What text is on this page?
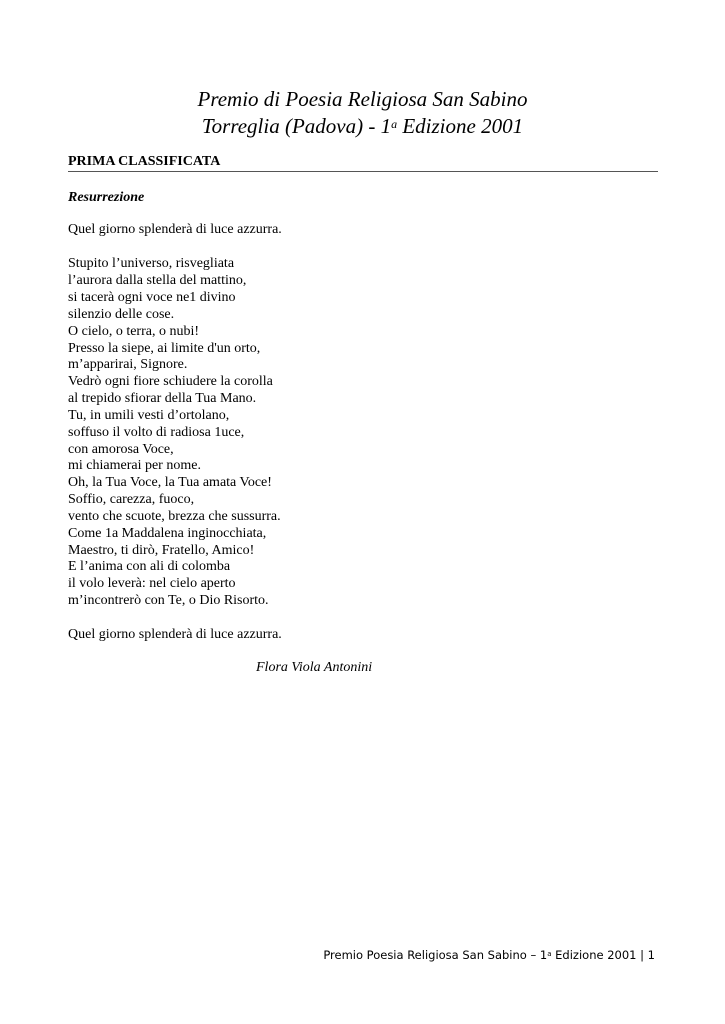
Premio di Poesia Religiosa San Sabino
Torreglia (Padova) - 1$^a$ Edizione 2001
PRIMA CLASSIFICATA
Resurrezione
Quel giorno splenderà di luce azzurra.
Stupito l’universo, risvegliata
l’aurora dalla stella del mattino,
si tacerà ogni voce ne1 divino
silenzio delle cose.
O cielo, o terra, o nubi!
Presso la siepe, ai limite d'un orto,
m’apparirai, Signore.
Vedrò ogni fiore schiudere la corolla
al trepido sfiorar della Tua Mano.
Tu, in umili vesti d’ortolano,
soffuso il volto di radiosa 1uce,
con amorosa Voce,
mi chiamerai per nome.
Oh, la Tua Voce, la Tua amata Voce!
Soffio, carezza, fuoco,
vento che scuote, brezza che sussurra.
Come 1a Maddalena inginocchiata,
Maestro, ti dirò, Fratello, Amico!
E l’anima con ali di colomba
il volo leverà: nel cielo aperto
m’incontrerò con Te, o Dio Risorto.
Quel giorno splenderà di luce azzurra.
Flora Viola Antonini
Premio Poesia Religiosa San Sabino – 1$^a$ Edizione 2001 | 1
